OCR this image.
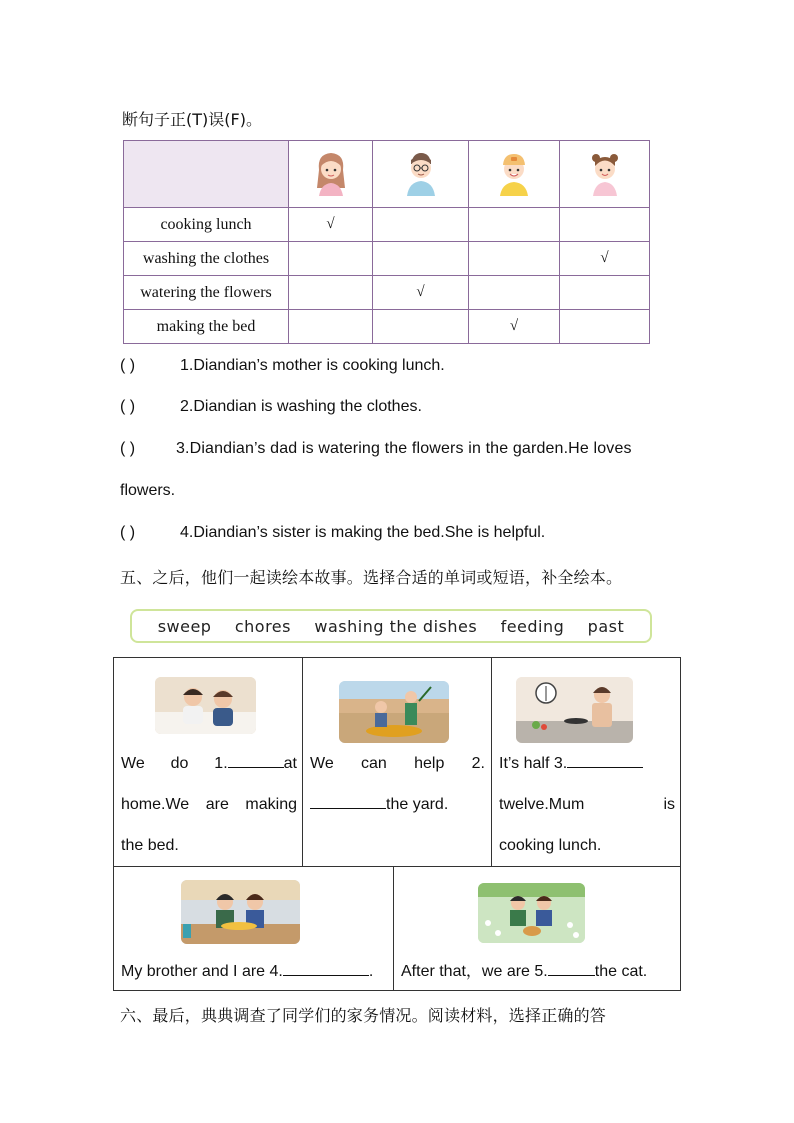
断句子正(T)误(F)。

cooking lunch	√			
washing the clothes				√
watering the flowers		√		
making the bed			√	
( )	1.Diandian’s mother is cooking lunch.
( )	2.Diandian is washing the clothes.
( )	3.Diandian’s dad is watering the flowers in the garden.He loves
flowers.
( )	4.Diandian’s sister is making the bed.She is helpful.
五、之后，他们一起读绘本故事。选择合适的单词或短语，补全绘本。
sweep chores washing the dishes feeding past
We do 1.	at
home.We are making
the bed.
We can help 2.
the yard.
It’s half 3.
twelve.Mum	is
cooking lunch.
My brother and I are 4.	. After that，we are 5.	the cat.
六、最后，典典调查了同学们的家务情况。阅读材料，选择正确的答
